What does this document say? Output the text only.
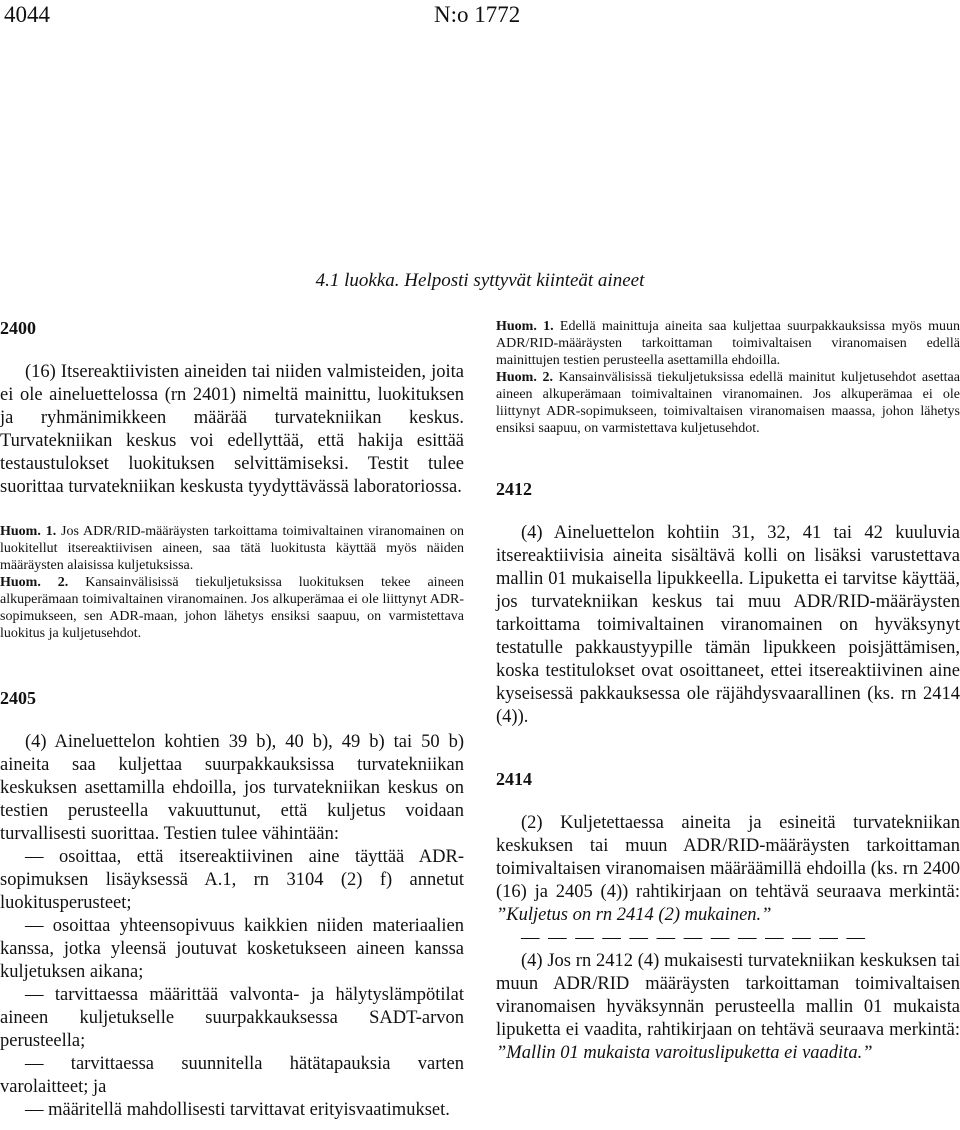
4044	N:o 1772
4.1 luokka. Helposti syttyvät kiinteät aineet
2400

(16) Itsereaktiivisten aineiden tai niiden valmisteiden, joita ei ole aineluettelossa (rn 2401) nimeltä mainittu, luokituksen ja ryhmänimikkeen määrää turvatekniikan keskus. Turvatekniikan keskus voi edellyttää, että hakija esittää testaustulokset luokituksen selvittämiseksi. Testit tulee suorittaa turvatekniikan keskusta tyydyttävässä laboratoriossa.

Huom. 1. Jos ADR/RID-määräysten tarkoittama toimivaltainen viranomainen on luokitellut itsereaktiivisen aineen, saa tätä luokitusta käyttää myös näiden määräysten alaisissa kuljetuksissa.

Huom. 2. Kansainvälisissä tiekuljetuksissa luokituksen tekee aineen alkuperämaan toimivaltainen viranomainen. Jos alkuperämaa ei ole liittynyt ADR-sopimukseen, sen ADR-maan, johon lähetys ensiksi saapuu, on varmistettava luokitus ja kuljetusehdot.

2405

(4) Aineluettelon kohtien 39 b), 40 b), 49 b) tai 50 b) aineita saa kuljettaa suurpakkauksissa turvatekniikan keskuksen asettamilla ehdoilla, jos turvatekniikan keskus on testien perusteella vakuuttunut, että kuljetus voidaan turvallisesti suorittaa. Testien tulee vähintään:

— osoittaa, että itsereaktiivinen aine täyttää ADR-sopimuksen lisäyksessä A.1, rn 3104 (2) f) annetut luokitusperusteet;

— osoittaa yhteensopivuus kaikkien niiden materiaalien kanssa, jotka yleensä joutuvat kosketukseen aineen kanssa kuljetuksen aikana;

— tarvittaessa määrittää valvonta- ja hälytyslämpötilat aineen kuljetukselle suurpakkauksessa SADT-arvon perusteella;

— tarvittaessa suunnitella hätätapauksia varten varolaitteet; ja

— määritellä mahdollisesti tarvittavat erityisvaatimukset.

Huom. 1. Edellä mainittuja aineita saa kuljettaa suurpakkauksissa myös muun ADR/RID-määräysten tarkoittaman toimivaltaisen viranomaisen edellä mainittujen testien perusteella asettamilla ehdoilla.

Huom. 2. Kansainvälisissä tiekuljetuksissa edellä mainitut kuljetusehdot asettaa aineen alkuperämaan toimivaltainen viranomainen. Jos alkuperämaa ei ole liittynyt ADR-sopimukseen, toimivaltaisen viranomaisen maassa, johon lähetys ensiksi saapuu, on varmistettava kuljetusehdot.

2412

(4) Aineluettelon kohtiin 31, 32, 41 tai 42 kuuluvia itsereaktiivisia aineita sisältävä kolli on lisäksi varustettava mallin 01 mukaisella lipukkeella. Lipuketta ei tarvitse käyttää, jos turvatekniikan keskus tai muu ADR/RID-määräysten tarkoittama toimivaltainen viranomainen on hyväksynyt testatulle pakkaustyypille tämän lipukkeen poisjättämisen, koska testitulokset ovat osoittaneet, ettei itsereaktiivinen aine kyseisessä pakkauksessa ole räjähdysvaarallinen (ks. rn 2414 (4)).

2414

(2) Kuljetettaessa aineita ja esineitä turvatekniikan keskuksen tai muun ADR/RID-määräysten tarkoittaman toimivaltaisen viranomaisen määräämillä ehdoilla (ks. rn 2400 (16) ja 2405 (4)) rahtikirjaan on tehtävä seuraava merkintä: ”Kuljetus on rn 2414 (2) mukainen.”

— — — — — — — — — — — — —

(4) Jos rn 2412 (4) mukaisesti turvatekniikan keskuksen tai muun ADR/RID määräysten tarkoittaman toimivaltaisen viranomaisen hyväksynnän perusteella mallin 01 mukaista lipuketta ei vaadita, rahtikirjaan on tehtävä seuraava merkintä: ”Mallin 01 mukaista varoituslipuketta ei vaadita.”
